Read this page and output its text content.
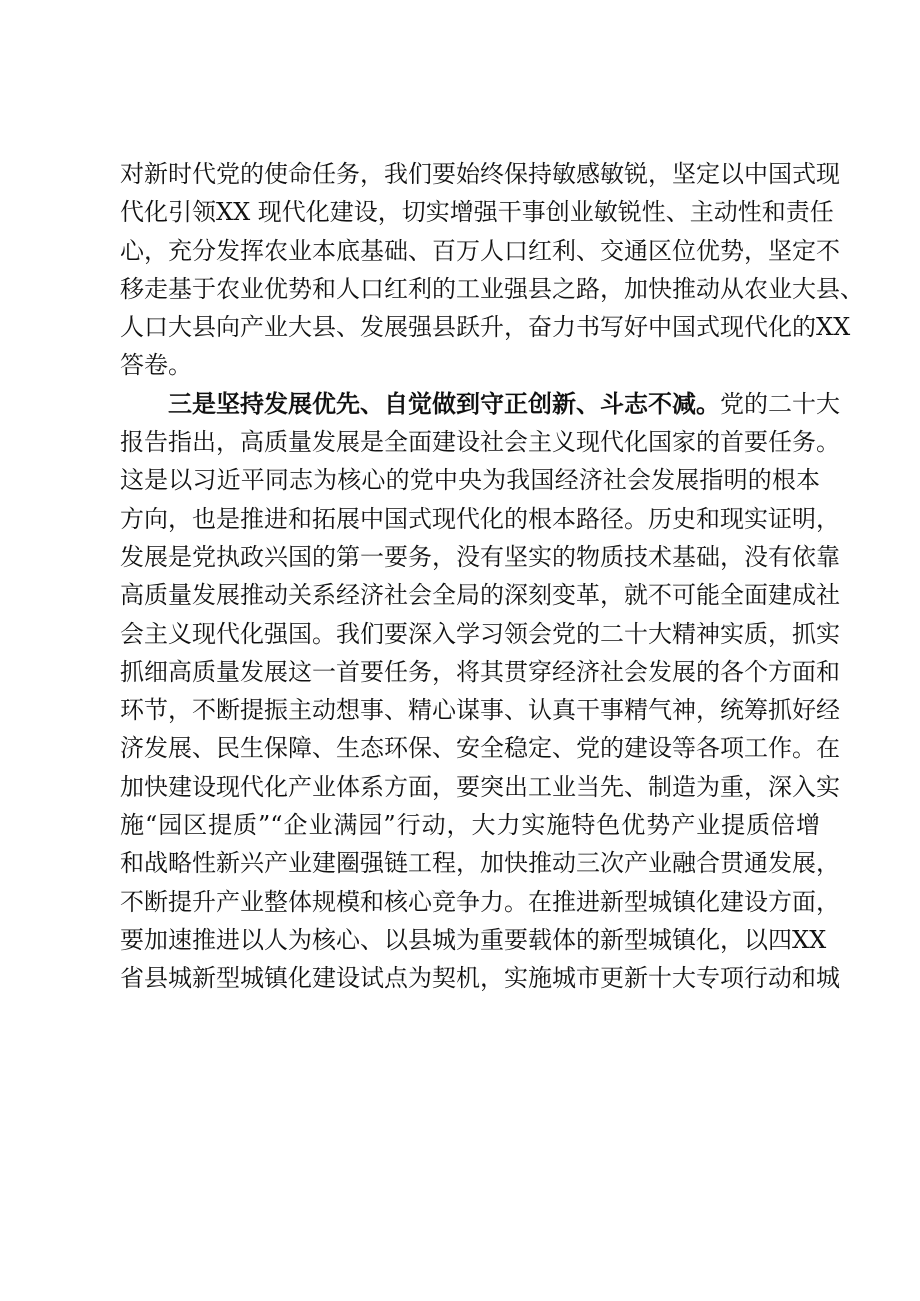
对新时代党的使命任务，我们要始终保持敏感敏锐，坚定以中国式现
代化引领XX 现代化建设，切实增强干事创业敏锐性、主动性和责任
心，充分发挥农业本底基础、百万人口红利、交通区位优势，坚定不
移走基于农业优势和人口红利的工业强县之路，加快推动从农业大县、
人口大县向产业大县、发展强县跃升，奋力书写好中国式现代化的XX
答卷。
三是坚持发展优先、自觉做到守正创新、斗志不减。党的二十大
报告指出，高质量发展是全面建设社会主义现代化国家的首要任务。
这是以习近平同志为核心的党中央为我国经济社会发展指明的根本
方向，也是推进和拓展中国式现代化的根本路径。历史和现实证明，
发展是党执政兴国的第一要务，没有坚实的物质技术基础，没有依靠
高质量发展推动关系经济社会全局的深刻变革，就不可能全面建成社
会主义现代化强国。我们要深入学习领会党的二十大精神实质，抓实
抓细高质量发展这一首要任务，将其贯穿经济社会发展的各个方面和
环节，不断提振主动想事、精心谋事、认真干事精气神，统筹抓好经
济发展、民生保障、生态环保、安全稳定、党的建设等各项工作。在
加快建设现代化产业体系方面，要突出工业当先、制造为重，深入实
施“园区提质”“企业满园”行动，大力实施特色优势产业提质倍增
和战略性新兴产业建圈强链工程，加快推动三次产业融合贯通发展，
不断提升产业整体规模和核心竞争力。在推进新型城镇化建设方面，
要加速推进以人为核心、以县城为重要载体的新型城镇化，以四XX
省县城新型城镇化建设试点为契机，实施城市更新十大专项行动和城
